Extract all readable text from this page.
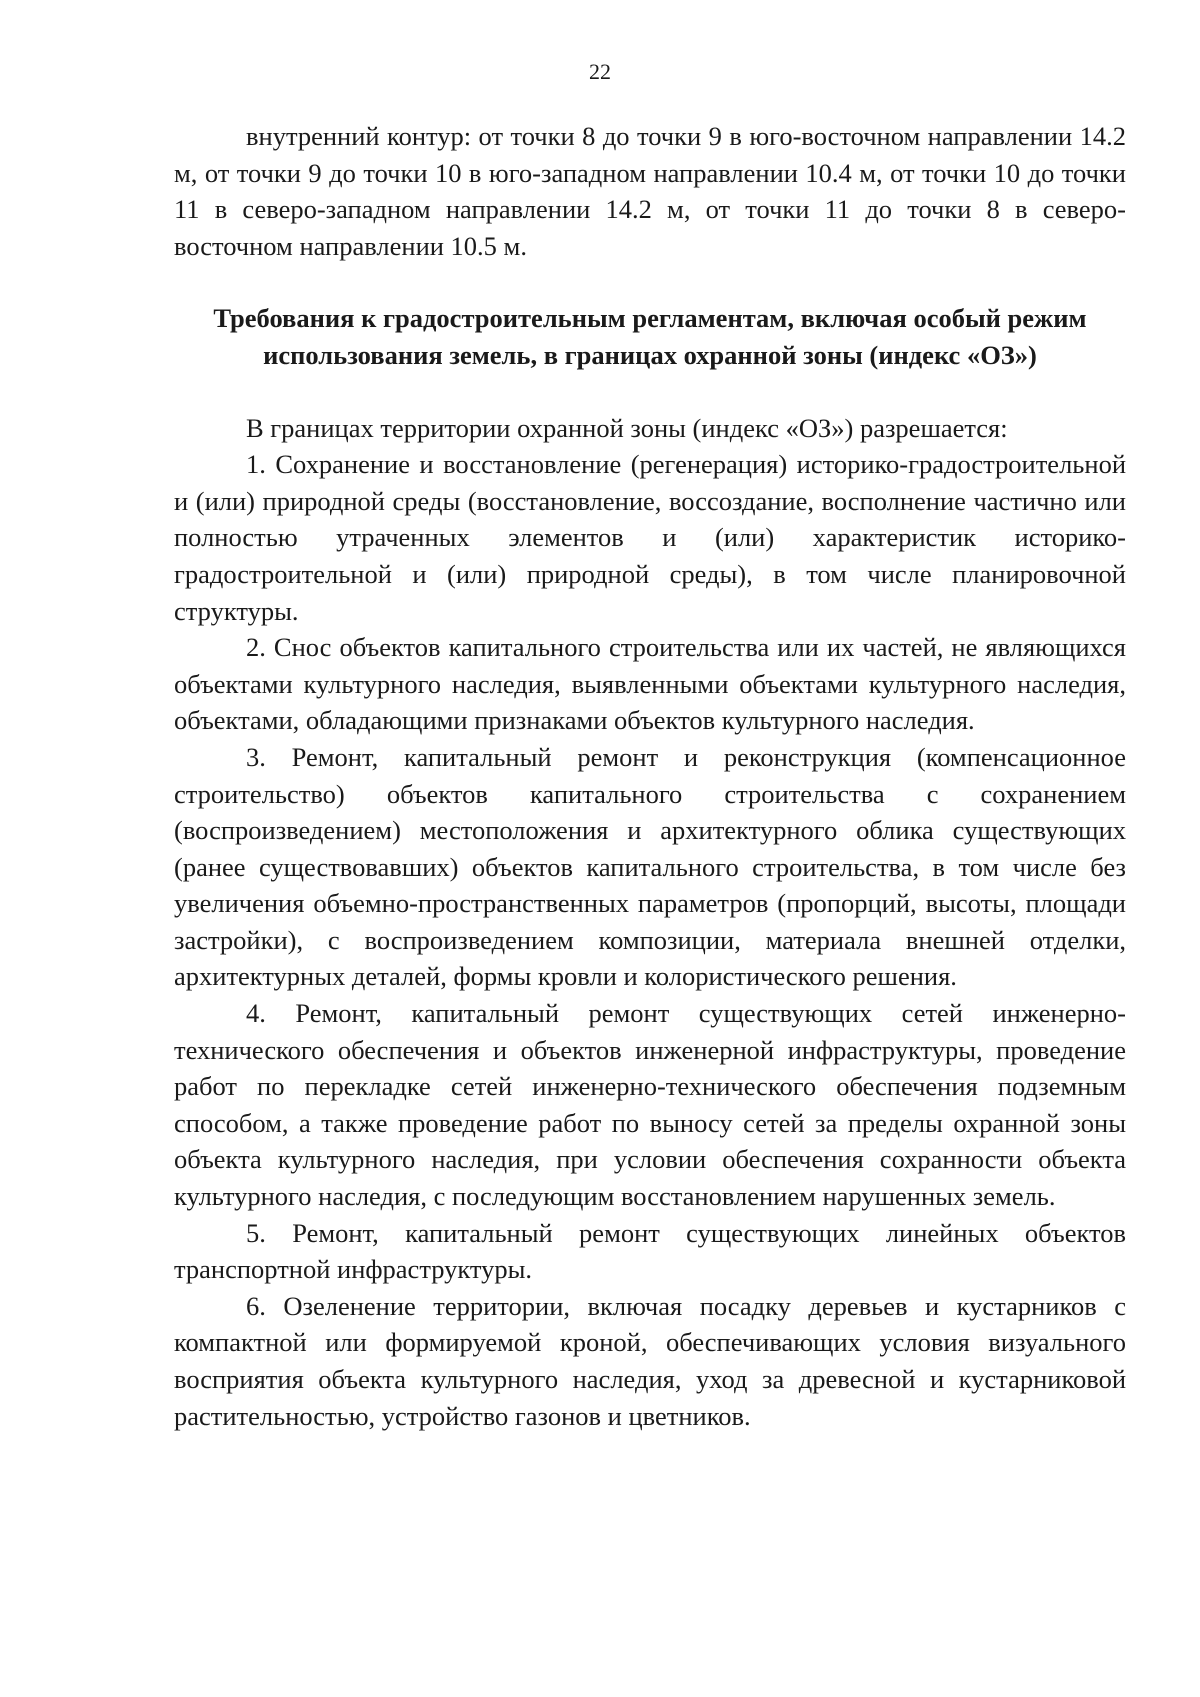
22

внутренний контур: от точки 8 до точки 9 в юго-восточном направлении 14.2 м, от точки 9 до точки 10 в юго-западном направлении 10.4 м, от точки 10 до точки 11 в северо-западном направлении 14.2 м, от точки 11 до точки 8 в северо-восточном направлении 10.5 м.

Требования к градостроительным регламентам, включая особый режим использования земель, в границах охранной зоны (индекс «ОЗ»)

В границах территории охранной зоны (индекс «ОЗ») разрешается:

1. Сохранение и восстановление (регенерация) историко-градостроительной и (или) природной среды (восстановление, воссоздание, восполнение частично или полностью утраченных элементов и (или) характеристик историко-градостроительной и (или) природной среды), в том числе планировочной структуры.

2. Снос объектов капитального строительства или их частей, не являющихся объектами культурного наследия, выявленными объектами культурного наследия, объектами, обладающими признаками объектов культурного наследия.

3. Ремонт, капитальный ремонт и реконструкция (компенсационное строительство) объектов капитального строительства с сохранением (воспроизведением) местоположения и архитектурного облика существующих (ранее существовавших) объектов капитального строительства, в том числе без увеличения объемно-пространственных параметров (пропорций, высоты, площади застройки), с воспроизведением композиции, материала внешней отделки, архитектурных деталей, формы кровли и колористического решения.

4. Ремонт, капитальный ремонт существующих сетей инженерно-технического обеспечения и объектов инженерной инфраструктуры, проведение работ по перекладке сетей инженерно-технического обеспечения подземным способом, а также проведение работ по выносу сетей за пределы охранной зоны объекта культурного наследия, при условии обеспечения сохранности объекта культурного наследия, с последующим восстановлением нарушенных земель.

5. Ремонт, капитальный ремонт существующих линейных объектов транспортной инфраструктуры.

6. Озеленение территории, включая посадку деревьев и кустарников с компактной или формируемой кроной, обеспечивающих условия визуального восприятия объекта культурного наследия, уход за древесной и кустарниковой растительностью, устройство газонов и цветников.
